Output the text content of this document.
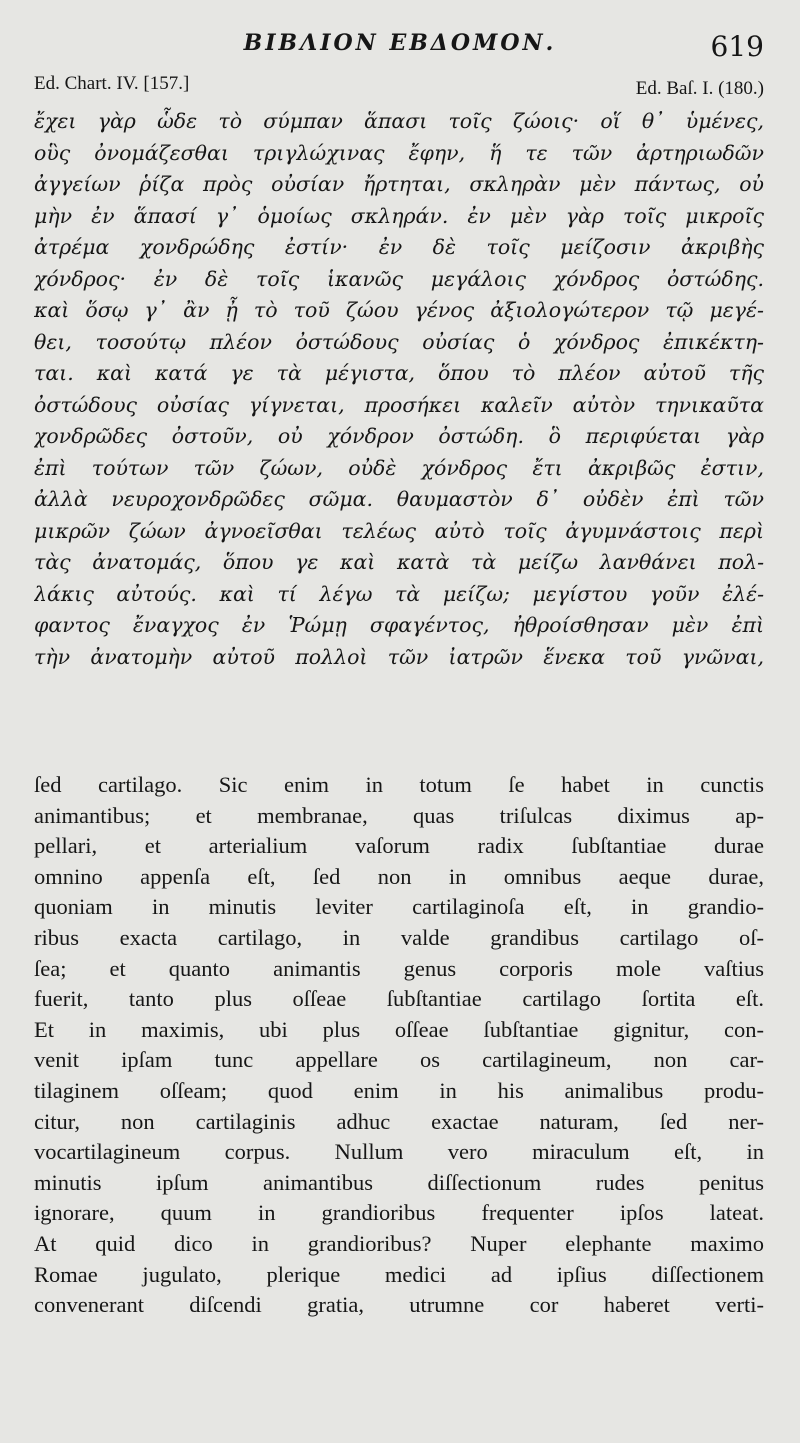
BIBΛΙΟΝ ΕΒΔΟΜΟΝ.	619
Ed. Chart. IV. [157.]	Ed. Baſ. I. (180.)
ἔχει γὰρ ὧδε τὸ σύμπαν ἅπασι τοῖς ζώοις· οἵ θ᾽ ὑμένες,
οὓς ὀνομάζεσθαι τριγλώχινας ἔφην, ἥ τε τῶν ἀρτηριωδῶν
ἀγγείων ῥίζα πρὸς οὐσίαν ἤρτηται, σκληρὰν μὲν πάντως, οὐ
μὴν ἐν ἅπασί γ᾽ ὁμοίως σκληράν. ἐν μὲν γὰρ τοῖς μικροῖς
ἀτρέμα χονδρώδης ἐστίν· ἐν δὲ τοῖς μείζοσιν ἀκριβὴς
χόνδρος· ἐν δὲ τοῖς ἱκανῶς μεγάλοις χόνδρος ὀστώδης.
καὶ ὅσῳ γ᾽ ἂν ᾖ τὸ τοῦ ζώου γένος ἀξιολογώτερον τῷ μεγέ-
θει, τοσούτῳ πλέον ὀστώδους οὐσίας ὁ χόνδρος ἐπικέκτη-
ται. καὶ κατά γε τὰ μέγιστα, ὅπου τὸ πλέον αὐτοῦ τῆς
ὀστώδους οὐσίας γίγνεται, προσήκει καλεῖν αὐτὸν τηνικαῦτα
χονδρῶδες ὀστοῦν, οὐ χόνδρον ὀστώδη. ὃ περιφύεται γὰρ
ἐπὶ τούτων τῶν ζώων, οὐδὲ χόνδρος ἔτι ἀκριβῶς ἐστιν,
ἀλλὰ νευροχονδρῶδες σῶμα. θαυμαστὸν δ᾽ οὐδὲν ἐπὶ τῶν
μικρῶν ζώων ἀγνοεῖσθαι τελέως αὐτὸ τοῖς ἀγυμνάστοις περὶ
τὰς ἀνατομάς, ὅπου γε καὶ κατὰ τὰ μείζω λανθάνει πολ-
λάκις αὐτούς. καὶ τί λέγω τὰ μείζω; μεγίστου γοῦν ἐλέ-
φαντος ἔναγχος ἐν Ῥώμῃ σφαγέντος, ἠθροίσθησαν μὲν ἐπὶ
τὴν ἀνατομὴν αὐτοῦ πολλοὶ τῶν ἰατρῶν ἕνεκα τοῦ γνῶναι,
ſed cartilago. Sic enim in totum ſe habet in cunctis
animantibus; et membranae, quas triſulcas diximus ap-
pellari, et arterialium vaſorum radix ſubſtantiae durae
omnino appenſa eſt, ſed non in omnibus aeque durae,
quoniam in minutis leviter cartilaginoſa eſt, in grandio-
ribus exacta cartilago, in valde grandibus cartilago oſ-
ſea; et quanto animantis genus corporis mole vaſtius
fuerit, tanto plus oſſeae ſubſtantiae cartilago ſortita eſt.
Et in maximis, ubi plus oſſeae ſubſtantiae gignitur, con-
venit ipſam tunc appellare os cartilagineum, non car-
tilaginem oſſeam; quod enim in his animalibus produ-
citur, non cartilaginis adhuc exactae naturam, ſed ner-
vocartilagineum corpus. Nullum vero miraculum eſt, in
minutis ipſum animantibus diſſectionum rudes penitus
ignorare, quum in grandioribus frequenter ipſos lateat.
At quid dico in grandioribus? Nuper elephante maximo
Romae jugulato, plerique medici ad ipſius diſſectionem
convenerant diſcendi gratia, utrumne cor haberet verti-
